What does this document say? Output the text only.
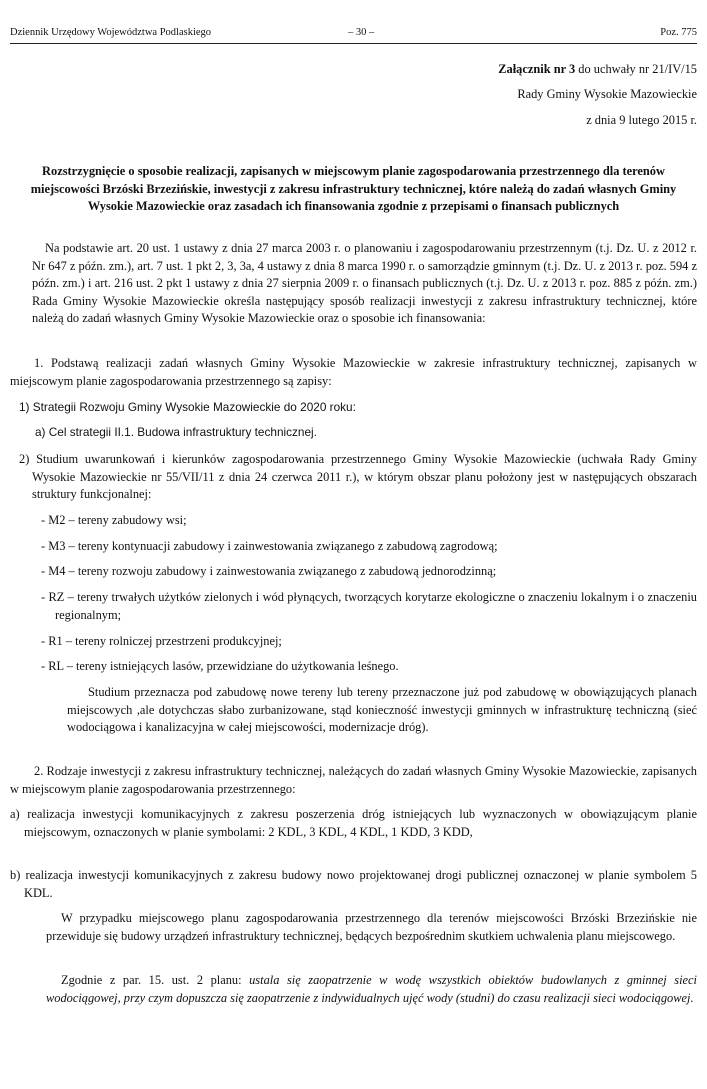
Dziennik Urzędowy Województwa Podlaskiego	– 30 –	Poz. 775
Załącznik nr 3 do uchwały nr 21/IV/15
Rady Gminy Wysokie Mazowieckie
z dnia 9 lutego 2015 r.
Rozstrzygnięcie o sposobie realizacji, zapisanych w miejscowym planie zagospodarowania przestrzennego dla terenów miejscowości Brzóski Brzezińskie, inwestycji z zakresu infrastruktury technicznej, które należą do zadań własnych Gminy Wysokie Mazowieckie oraz zasadach ich finansowania zgodnie z przepisami o finansach publicznych
Na podstawie art. 20 ust. 1 ustawy z dnia 27 marca 2003 r. o planowaniu i zagospodarowaniu przestrzennym (t.j. Dz. U. z 2012 r. Nr 647 z późn. zm.), art. 7 ust. 1 pkt 2, 3, 3a, 4 ustawy z dnia 8 marca 1990 r. o samorządzie gminnym (t.j. Dz. U. z 2013 r. poz. 594 z późn. zm.) i art. 216 ust. 2 pkt 1 ustawy z dnia 27 sierpnia 2009 r. o finansach publicznych (t.j. Dz. U. z 2013 r. poz. 885 z późn. zm.) Rada Gminy Wysokie Mazowieckie określa następujący sposób realizacji inwestycji z zakresu infrastruktury technicznej, które należą do zadań własnych Gminy Wysokie Mazowieckie oraz o sposobie ich finansowania:
1. Podstawą realizacji zadań własnych Gminy Wysokie Mazowieckie w zakresie infrastruktury technicznej, zapisanych w miejscowym planie zagospodarowania przestrzennego są zapisy:
1) Strategii Rozwoju Gminy Wysokie Mazowieckie do 2020 roku:
a) Cel strategii II.1. Budowa infrastruktury technicznej.
2) Studium uwarunkowań i kierunków zagospodarowania przestrzennego Gminy Wysokie Mazowieckie (uchwała Rady Gminy Wysokie Mazowieckie nr 55/VII/11 z dnia 24 czerwca 2011 r.), w którym obszar planu położony jest w następujących obszarach struktury funkcjonalnej:
- M2 – tereny zabudowy wsi;
- M3 – tereny kontynuacji zabudowy i zainwestowania związanego z zabudową zagrodową;
- M4 – tereny rozwoju zabudowy i zainwestowania związanego z zabudową jednorodzinną;
- RZ – tereny trwałych użytków zielonych i wód płynących, tworzących korytarze ekologiczne o znaczeniu lokalnym i o znaczeniu regionalnym;
- R1 – tereny rolniczej przestrzeni produkcyjnej;
- RL – tereny istniejących lasów, przewidziane do użytkowania leśnego.
Studium przeznacza pod zabudowę nowe tereny lub tereny przeznaczone już pod zabudowę w obowiązujących planach miejscowych ,ale dotychczas słabo zurbanizowane, stąd konieczność inwestycji gminnych w infrastrukturę techniczną (sieć wodociągowa i kanalizacyjna w całej miejscowości, modernizacje dróg).
2. Rodzaje inwestycji z zakresu infrastruktury technicznej, należących do zadań własnych Gminy Wysokie Mazowieckie, zapisanych w miejscowym planie zagospodarowania przestrzennego:
a) realizacja inwestycji komunikacyjnych z zakresu poszerzenia dróg istniejących lub wyznaczonych w obowiązującym planie miejscowym, oznaczonych w planie symbolami: 2 KDL, 3 KDL, 4 KDL, 1 KDD, 3 KDD,
b) realizacja inwestycji komunikacyjnych z zakresu budowy nowo projektowanej drogi publicznej oznaczonej w planie symbolem 5 KDL.
W przypadku miejscowego planu zagospodarowania przestrzennego dla terenów miejscowości Brzóski Brzezińskie nie przewiduje się budowy urządzeń infrastruktury technicznej, będących bezpośrednim skutkiem uchwalenia planu miejscowego.
Zgodnie z par. 15. ust. 2 planu: ustala się zaopatrzenie w wodę wszystkich obiektów budowlanych z gminnej sieci wodociągowej, przy czym dopuszcza się zaopatrzenie z indywidualnych ujęć wody (studni) do czasu realizacji sieci wodociągowej.
